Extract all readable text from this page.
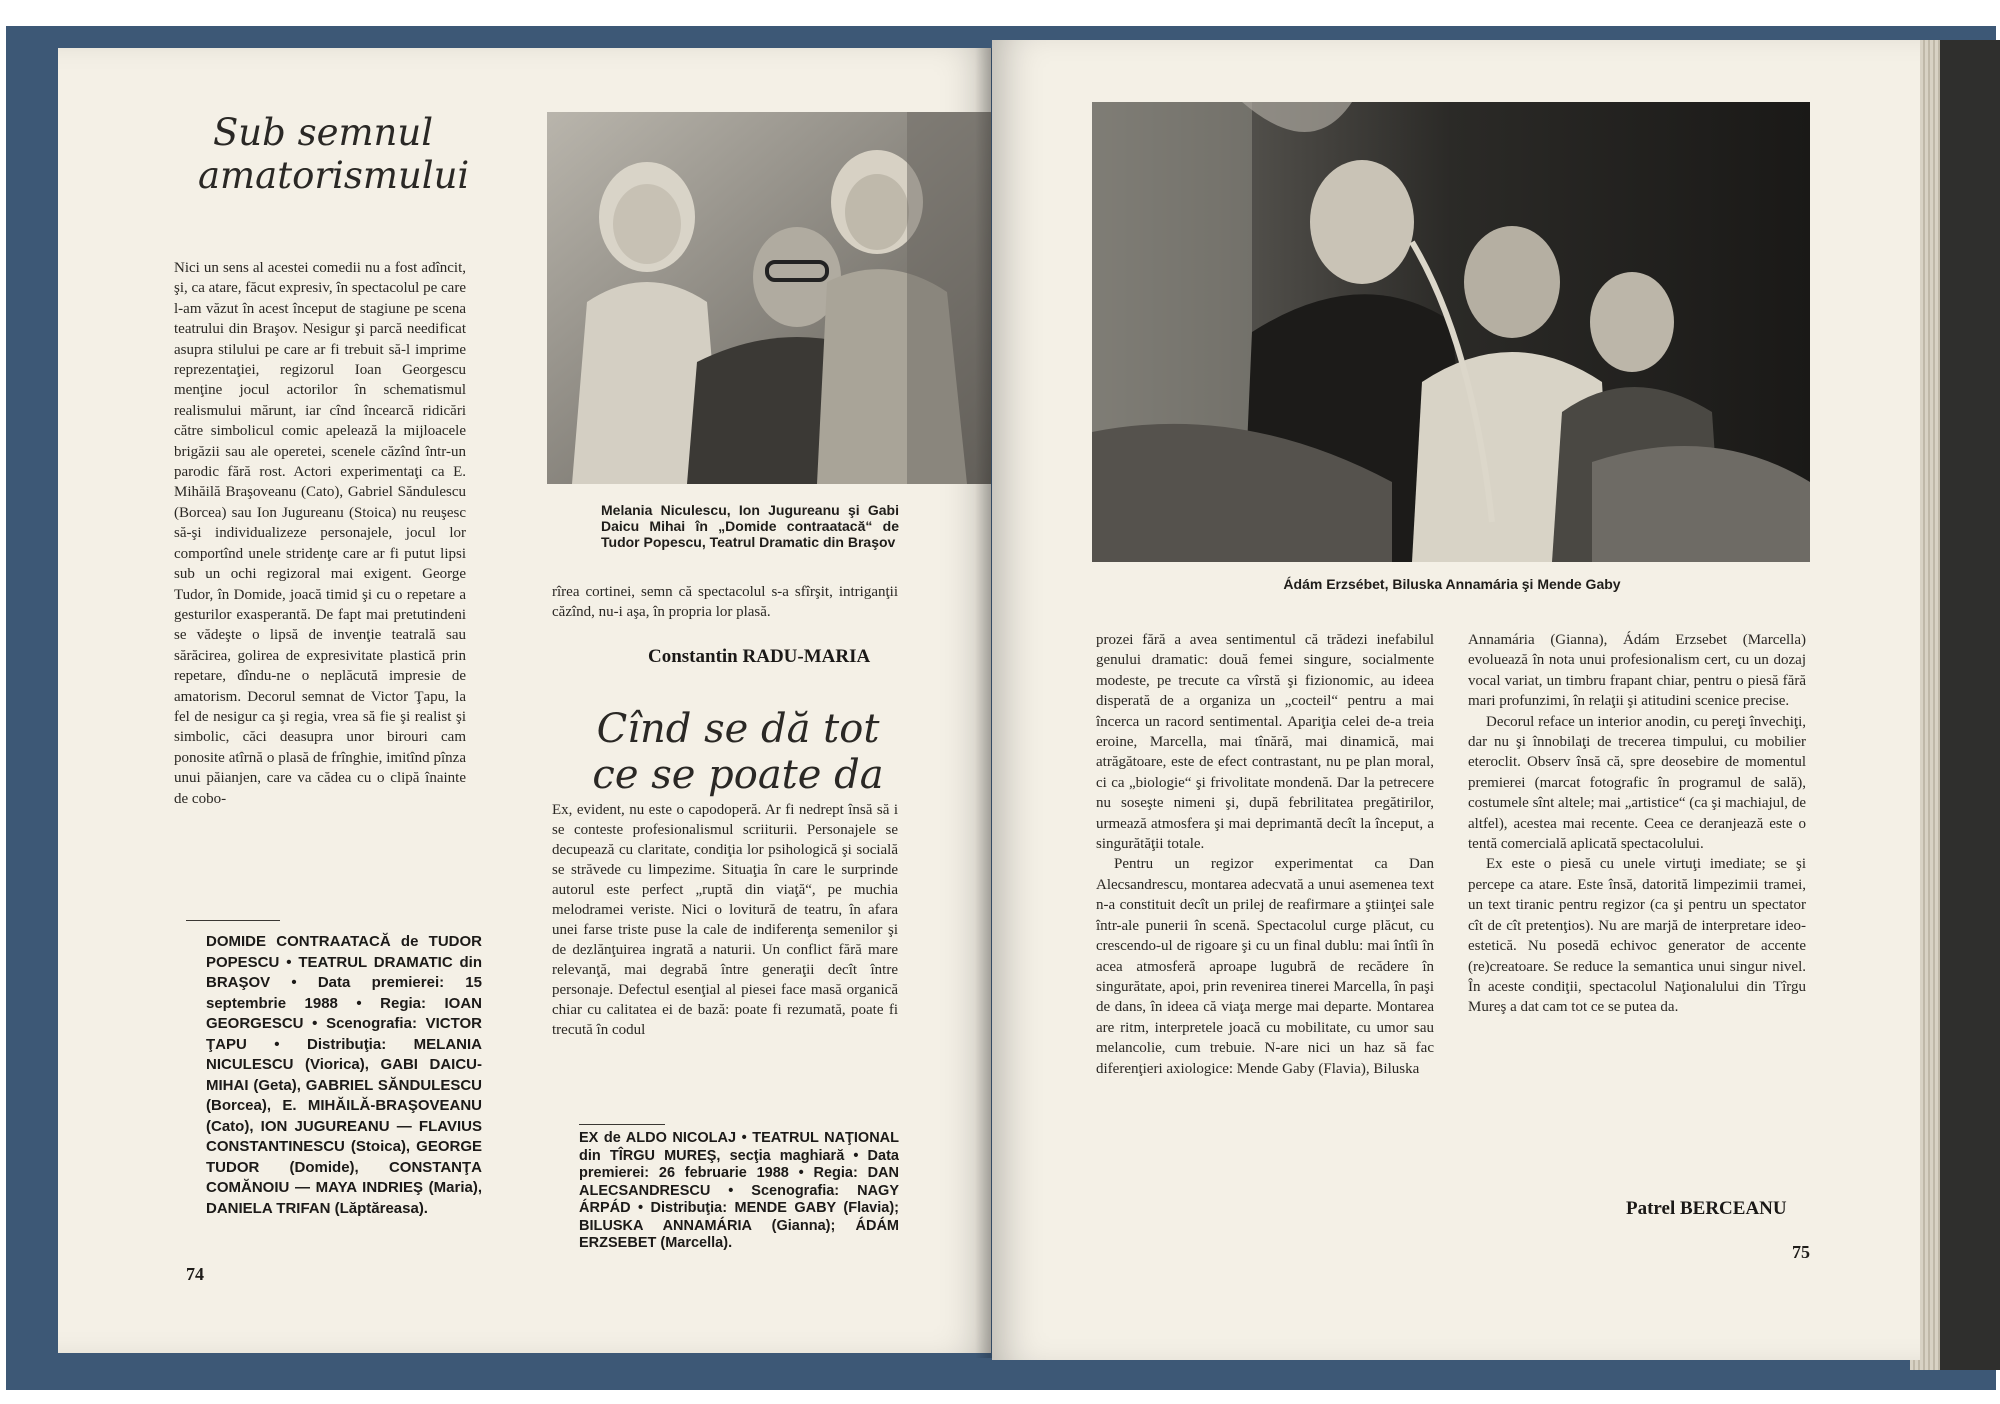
Sub semnul amatorismului

Nici un sens al acestei comedii nu a fost adîncit, şi, ca atare, făcut expresiv, în spectacolul pe care l-am văzut în acest început de stagiune pe scena teatrului din Braşov. Nesigur şi parcă needificat asupra stilului pe care ar fi trebuit să-l imprime reprezentaţiei, regizorul Ioan Georgescu menţine jocul actorilor în schematismul realismului mărunt, iar cînd încearcă ridicări către simbolicul comic apelează la mijloacele brigăzii sau ale operetei, scenele căzînd într-un parodic fără rost. Actori experimentaţi ca E. Mihăilă Braşoveanu (Cato), Gabriel Săndulescu (Borcea) sau Ion Jugureanu (Stoica) nu reuşesc să-şi individualizeze personajele, jocul lor comportînd unele stridenţe care ar fi putut lipsi sub un ochi regizoral mai exigent. George Tudor, în Domide, joacă timid şi cu o repetare a gesturilor exasperantă. De fapt mai pretutindeni se vădeşte o lipsă de invenţie teatrală sau sărăcirea, golirea de expresivitate plastică prin repetare, dîndu-ne o neplăcută impresie de amatorism. Decorul semnat de Victor Ţapu, la fel de nesigur ca şi regia, vrea să fie şi realist şi simbolic, căci deasupra unor birouri cam ponosite atîrnă o plasă de frînghie, imitînd pînza unui păianjen, care va cădea cu o clipă înainte de cobo-

DOMIDE CONTRAATACĂ de TUDOR POPESCU • TEATRUL DRAMATIC din BRAŞOV • Data premierei: 15 septembrie 1988 • Regia: IOAN GEORGESCU • Scenografia: VICTOR ŢAPU • Distribuţia: MELANIA NICULESCU (Viorica), GABI DAICU-MIHAI (Geta), GABRIEL SĂNDULESCU (Borcea), E. MIHĂILĂ-BRAŞOVEANU (Cato), ION JUGUREANU — FLAVIUS CONSTANTINESCU (Stoica), GEORGE TUDOR (Domide), CONSTANŢA COMĂNOIU — MAYA INDRIEŞ (Maria), DANIELA TRIFAN (Lăptăreasa).
74
Melania Niculescu, Ion Jugureanu şi Gabi Daicu Mihai în „Domide contraatacă“ de Tudor Popescu, Teatrul Dramatic din Braşov

rîrea cortinei, semn că spectacolul s-a sfîrşit, intriganţii căzînd, nu-i aşa, în propria lor plasă.

Constantin RADU-MARIA
Cînd se dă tot ce se poate da

Ex, evident, nu este o capodoperă. Ar fi nedrept însă să i se conteste profesionalismul scriiturii. Personajele se decupează cu claritate, condiţia lor psihologică şi socială se străvede cu limpezime. Situaţia în care le surprinde autorul este perfect „ruptă din viaţă“, pe muchia melodramei veriste. Nici o lovitură de teatru, în afara unei farse triste puse la cale de indiferenţa semenilor şi de dezlănţuirea ingrată a naturii. Un conflict fără mare relevanţă, mai degrabă între generaţii decît între personaje. Defectul esenţial al piesei face masă organică chiar cu calitatea ei de bază: poate fi rezumată, poate fi trecută în codul

EX de ALDO NICOLAJ • TEATRUL NAŢIONAL din TÎRGU MUREŞ, secţia maghiară • Data premierei: 26 februarie 1988 • Regia: DAN ALECSANDRESCU • Scenografia: NAGY ÁRPÁD • Distribuţia: MENDE GABY (Flavia); BILUSKA ANNAMÁRIA (Gianna); ÁDÁM ERZSEBET (Marcella).
Ádám Erzsébet, Biluska Annamária şi Mende Gaby

prozei fără a avea sentimentul că trădezi inefabilul genului dramatic: două femei singure, socialmente modeste, pe trecute ca vîrstă şi fizionomic, au ideea disperată de a organiza un „cocteil“ pentru a mai încerca un racord sentimental. Apariţia celei de-a treia eroine, Marcella, mai tînără, mai dinamică, mai atrăgătoare, este de efect contrastant, nu pe plan moral, ci ca „biologie“ şi frivolitate mondenă. Dar la petrecere nu soseşte nimeni şi, după febrilitatea pregătirilor, urmează atmosfera şi mai deprimantă decît la început, a singurătăţii totale.

Pentru un regizor experimentat ca Dan Alecsandrescu, montarea adecvată a unui asemenea text n-a constituit decît un prilej de reafirmare a ştiinţei sale într-ale punerii în scenă. Spectacolul curge plăcut, cu crescendo-ul de rigoare şi cu un final dublu: mai întîi în acea atmosferă aproape lugubră de recădere în singurătate, apoi, prin revenirea tinerei Marcella, în paşi de dans, în ideea că viaţa merge mai departe. Montarea are ritm, interpretele joacă cu mobilitate, cu umor sau melancolie, cum trebuie. N-are nici un haz să fac diferenţieri axiologice: Mende Gaby (Flavia), Biluska

Annamária (Gianna), Ádám Erzsebet (Marcella) evoluează în nota unui profesionalism cert, cu un dozaj vocal variat, un timbru frapant chiar, pentru o piesă fără mari profunzimi, în relaţii şi atitudini scenice precise.

Decorul reface un interior anodin, cu pereţi învechiţi, dar nu şi înnobilaţi de trecerea timpului, cu mobilier eteroclit. Observ însă că, spre deosebire de momentul premierei (marcat fotografic în programul de sală), costumele sînt altele; mai „artistice“ (ca şi machiajul, de altfel), acestea mai recente. Ceea ce deranjează este o tentă comercială aplicată spectacolului.

Ex este o piesă cu unele virtuţi imediate; se şi percepe ca atare. Este însă, datorită limpezimii tramei, un text tiranic pentru regizor (ca şi pentru un spectator cît de cît pretenţios). Nu are marjă de interpretare ideo-estetică. Nu posedă echivoc generator de accente (re)creatoare. Se reduce la semantica unui singur nivel. În aceste condiţii, spectacolul Naţionalului din Tîrgu Mureş a dat cam tot ce se putea da.

Patrel BERCEANU
75
